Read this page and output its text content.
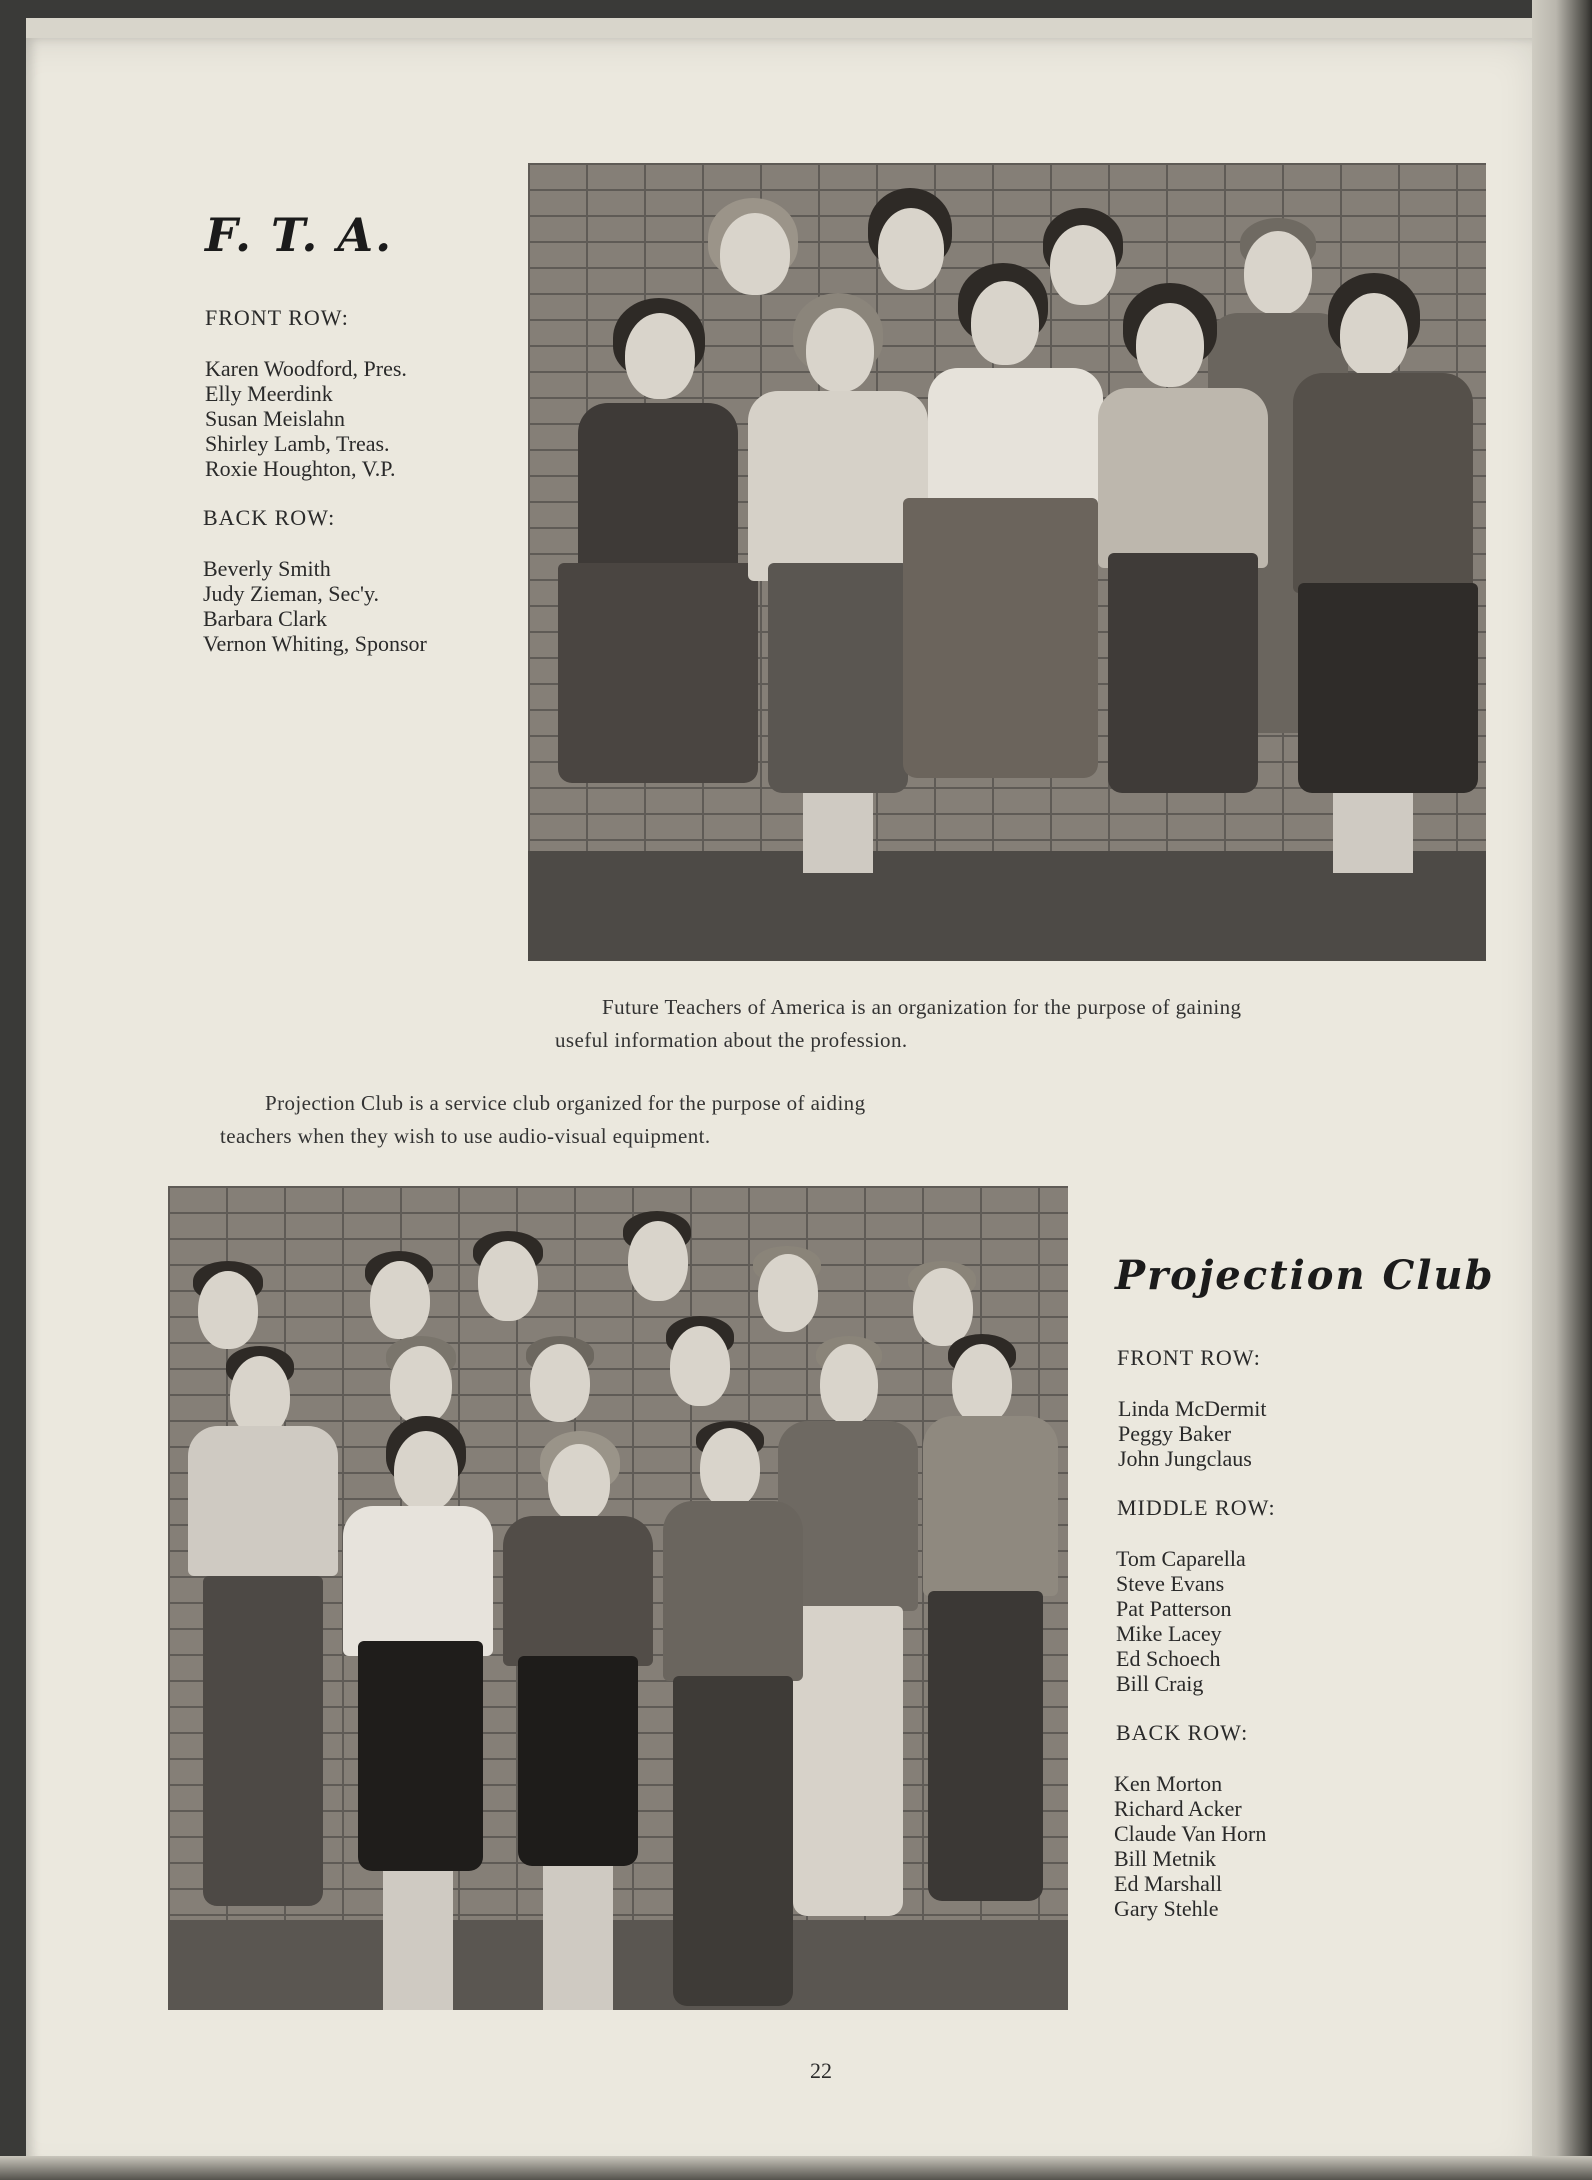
F. T. A.
FRONT ROW:
Karen Woodford, Pres.
Elly Meerdink
Susan Meislahn
Shirley Lamb, Treas.
Roxie Houghton, V.P.
BACK ROW:
Beverly Smith
Judy Zieman, Sec'y.
Barbara Clark
Vernon Whiting, Sponsor
Future Teachers of America is an organization for the purpose of gaining
useful information about the profession.
Projection Club is a service club organized for the purpose of aiding
teachers when they wish to use audio-visual equipment.
Projection Club
FRONT ROW:
Linda McDermit
Peggy Baker
John Jungclaus
MIDDLE ROW:
Tom Caparella
Steve Evans
Pat Patterson
Mike Lacey
Ed Schoech
Bill Craig
BACK ROW:
Ken Morton
Richard Acker
Claude Van Horn
Bill Metnik
Ed Marshall
Gary Stehle
22
